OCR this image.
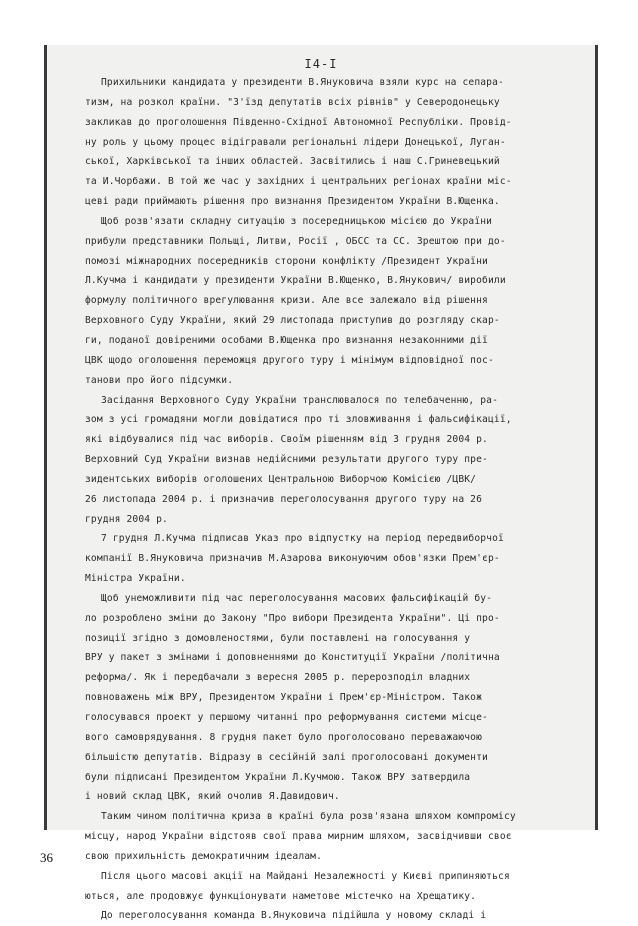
I4-I
Прихильники кандидата у президенти В.Януковича взяли курс на сепара-
тизм, на розкол країни. "З'їзд депутатів всіх рівнів" у Северодонецьку
закликав до проголошення Південно-Східної Автономної Республіки. Провід-
ну роль у цьому процес відігравали регіональні лідери Донецької, Луган-
ської, Харківської та інших областей. Засвітились і наш С.Гриневецький
та И.Чорбажи. В той же час у західних і центральних регіонах країни міс-
цеві ради приймають рішення про визнання Президентом України В.Ющенка.
Щоб розв'язати складну ситуацію з посередницькою місією до України
прибули представники Польщі, Литви, Росії , ОБСС та СС. Зрештою при до-
помозі міжнародних посередників сторони конфлікту /Президент України
Л.Кучма і кандидати у президенти України В.Ющенко, В.Янукович/ виробили
формулу політичного врегулювання кризи. Але все залежало від рішення
Верховного Суду України, який 29 листопада приступив до розгляду скар-
ги, поданої довіреними особами В.Ющенка про визнання незаконними дії
ЦВК щодо оголошення переможця другого туру і мінімум відповідної пос-
танови про його підсумки.
Засідання Верховного Суду України транслювалося по телебаченню, ра-
зом з усі громадяни могли довідатися про ті зловживання і фальсифікації,
які відбувалися під час виборів. Своїм рішенням від 3 грудня 2004 р.
Верховний Суд України визнав недійсними результати другого туру пре-
зидентських виборів оголошених Центральною Виборчою Комісією /ЦВК/
26 листопада 2004 р. і призначив переголосування другого туру на 26
грудня 2004 р.
7 грудня Л.Кучма підписав Указ про відпустку на період передвиборчої
компанії В.Януковича призначив М.Азарова виконуючим обов'язки Прем'єр-
Міністра України.
Щоб унеможливити під час переголосування масових фальсифікацій бу-
ло розроблено зміни до Закону "Про вибори Президента України". Ці про-
позиції згідно з домовленостями, були поставлені на голосування у
ВРУ у пакет з змінами і доповненнями до Конституції України /політична
реформа/. Як і передбачали з вересня 2005 р. перерозподіл владних
повноважень між ВРУ, Президентом України і Прем'єр-Міністром. Також
голосувався проект у першому читанні про реформування системи місце-
вого самоврядування. 8 грудня пакет було проголосовано переважаючою
більшістю депутатів. Відразу в сесійній залі проголосовані документи
були підписані Президентом України Л.Кучмою. Також ВРУ затвердила
і новий склад ЦВК, який очолив Я.Давидович.
Таким чином політична криза в країні була розв'язана шляхом компромісу
місцу, народ України відстояв свої права мирним шляхом, засвідчивши своє
свою прихильність демократичним ідеалам.
Після цього масові акції на Майдані Незалежності у Києві припиняються
ються, але продовжує функціонувати наметове містечко на Хрещатику.
До переголосування команда В.Януковича підійшла у новому складі і
36
